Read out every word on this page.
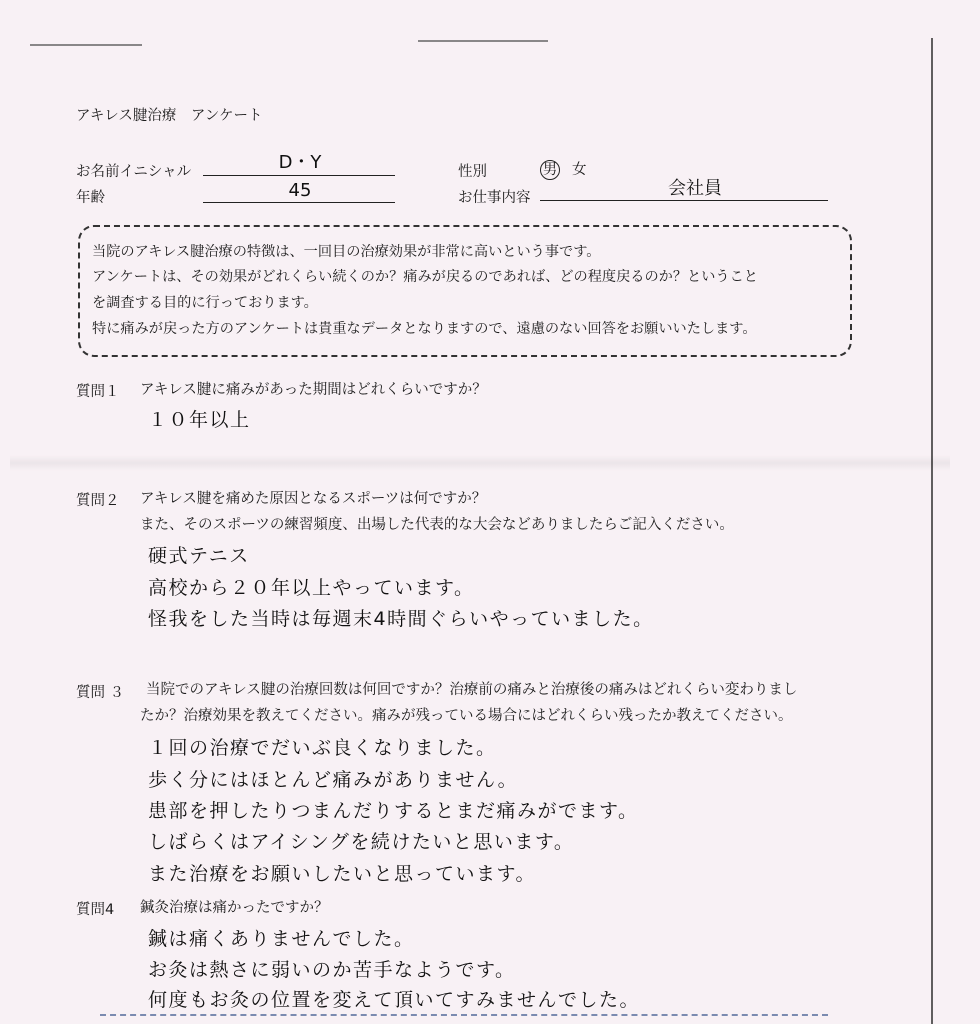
アキレス腱治療　アンケート
お名前イニシャル	D・Y
年齢	45
性別	男 女
お仕事内容	会社員
当院のアキレス腱治療の特徴は、一回目の治療効果が非常に高いという事です。
アンケートは、その効果がどれくらい続くのか？痛みが戻るのであれば、どの程度戻るのか？ということ
を調査する目的に行っております。
特に痛みが戻った方のアンケートは貴重なデータとなりますので、遠慮のない回答をお願いいたします。
質問１ アキレス腱に痛みがあった期間はどれくらいですか？
１０年以上
質問２ アキレス腱を痛めた原因となるスポーツは何ですか？
また、そのスポーツの練習頻度、出場した代表的な大会などありましたらご記入ください。
硬式テニス
高校から２０年以上やっています。
怪我をした当時は毎週末4時間ぐらいやっていました。
質問 ３ 当院でのアキレス腱の治療回数は何回ですか？治療前の痛みと治療後の痛みはどれくらい変わりまし
たか？治療効果を教えてください。痛みが残っている場合にはどれくらい残ったか教えてください。
１回の治療でだいぶ良くなりました。
歩く分にはほとんど痛みがありません。
患部を押したりつまんだりするとまだ痛みがでます。
しばらくはアイシングを続けたいと思います。
また治療をお願いしたいと思っています。
質問4 鍼灸治療は痛かったですか？
鍼は痛くありませんでした。
お灸は熱さに弱いのか苦手なようです。
何度もお灸の位置を変えて頂いてすみませんでした。
